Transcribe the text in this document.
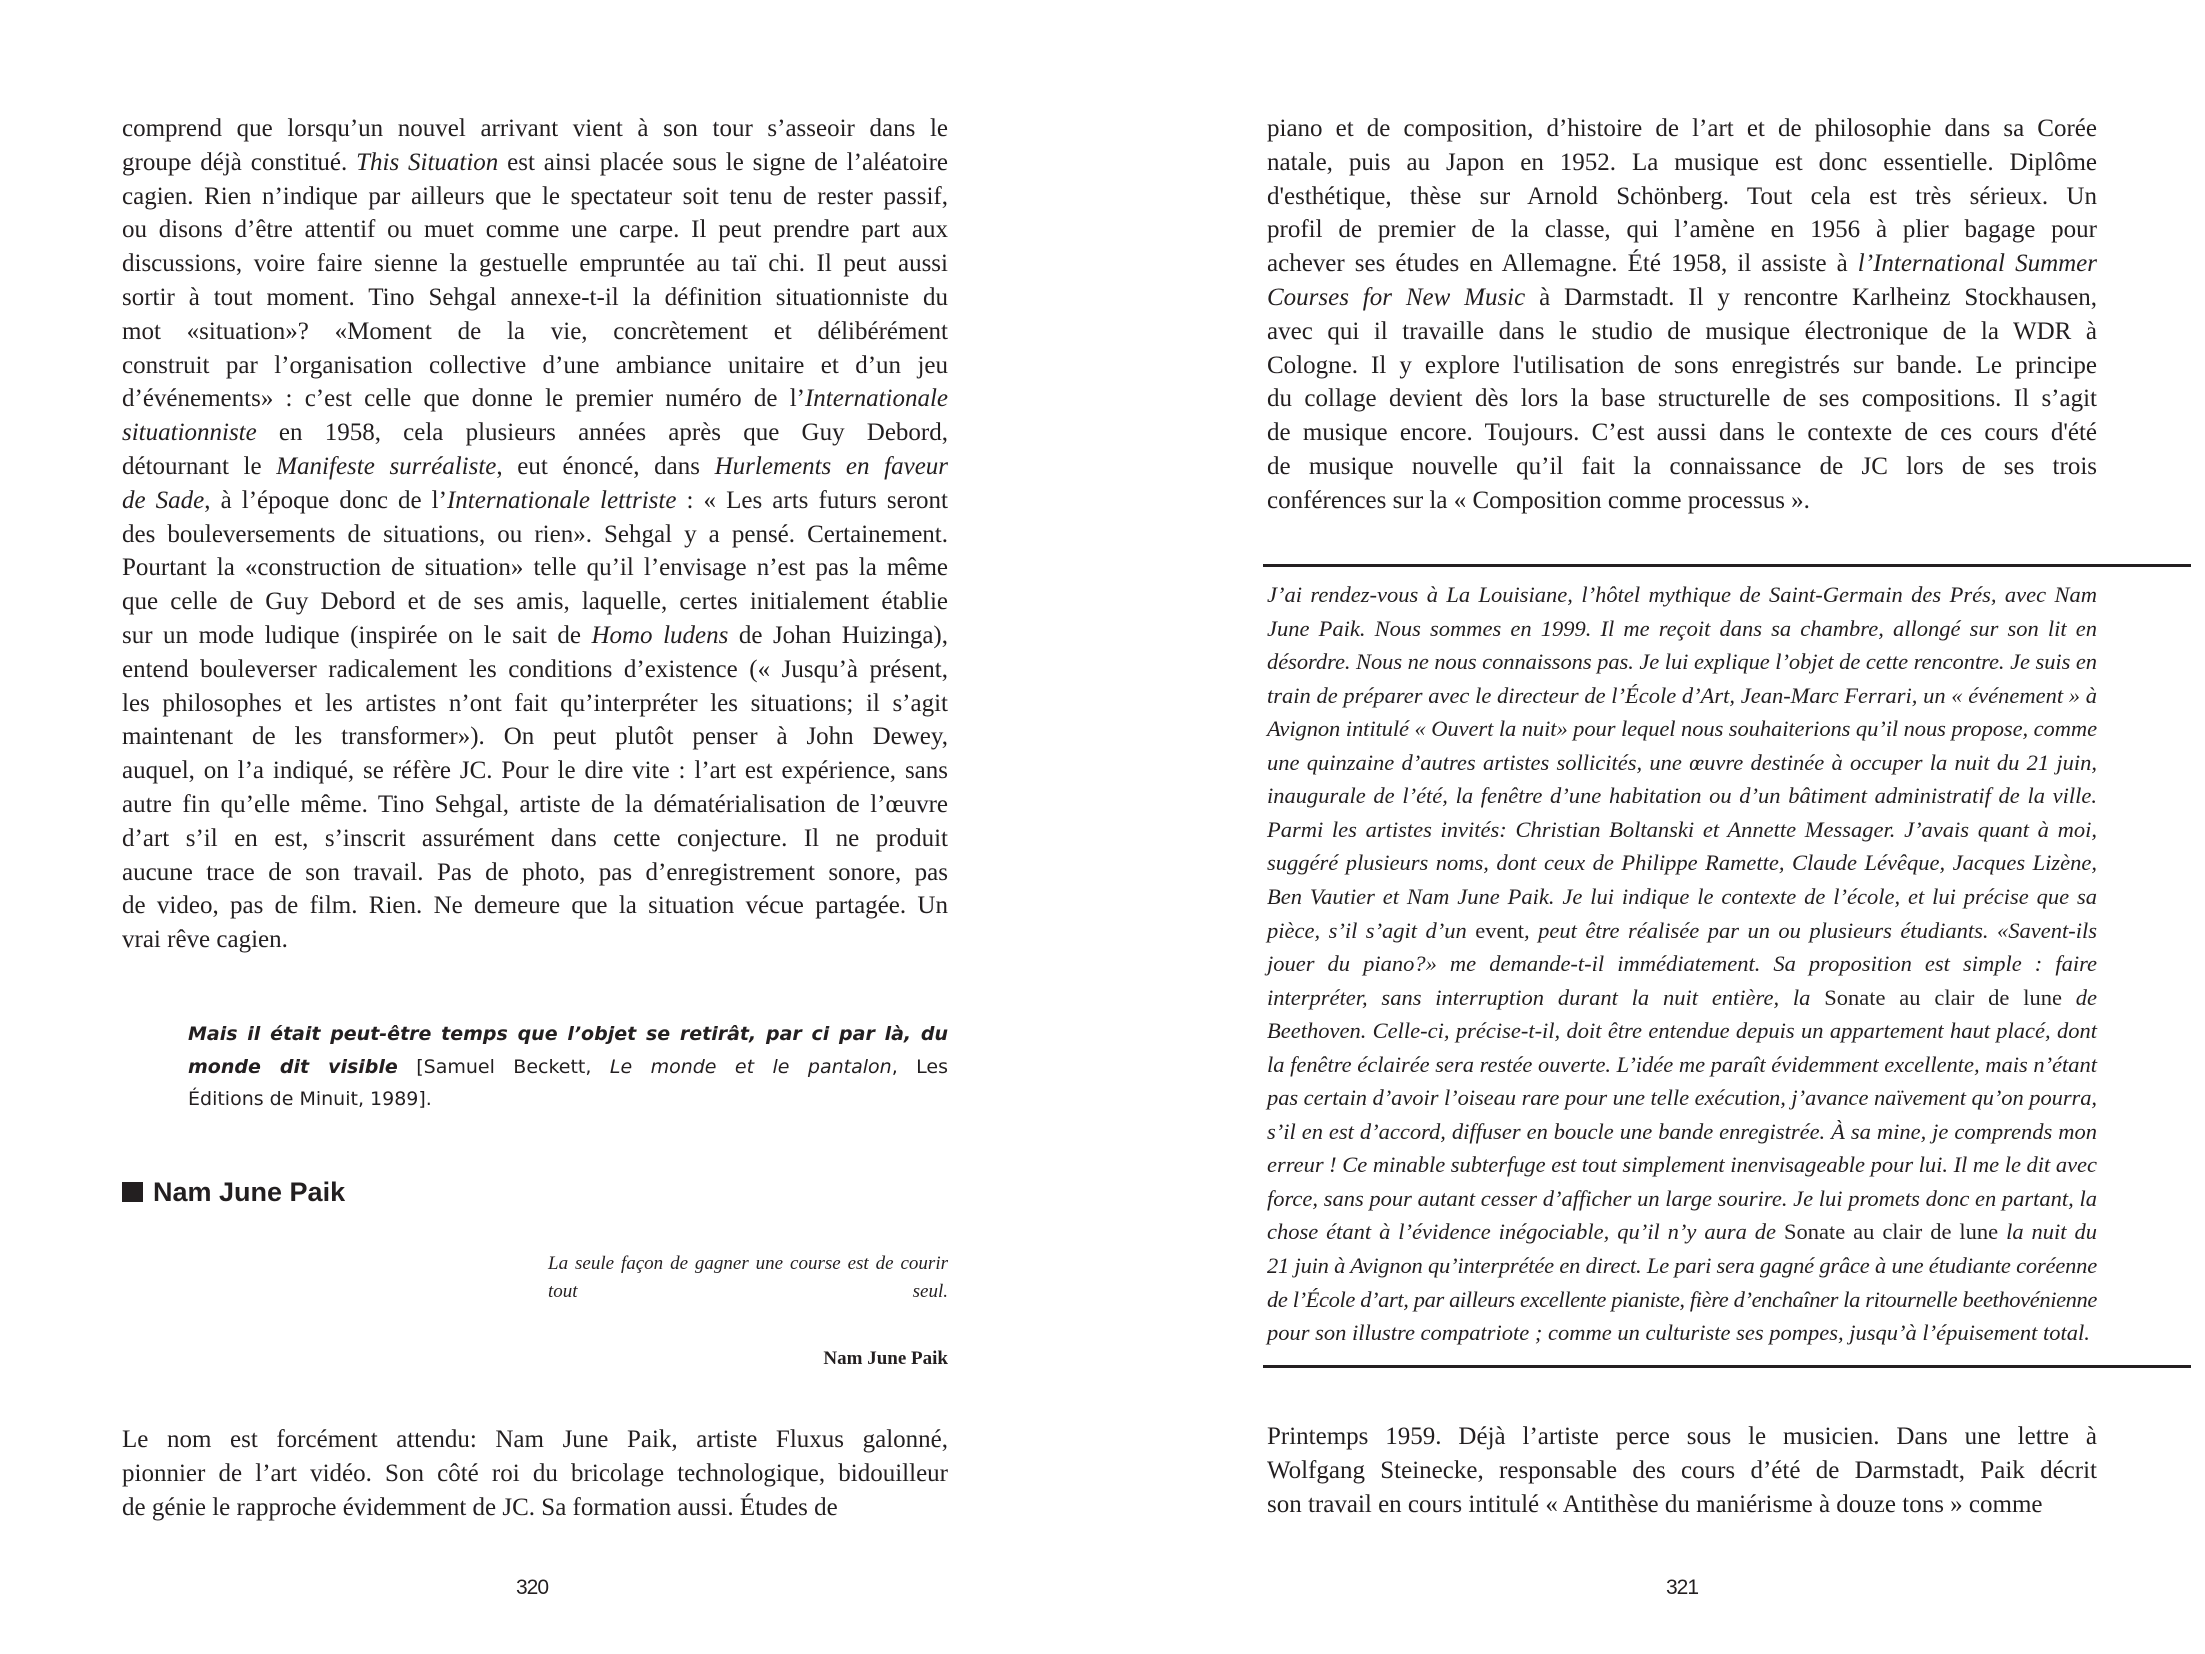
comprend que lorsqu’un nouvel arrivant vient à son tour s’asseoir dans le
groupe déjà constitué. This Situation est ainsi placée sous le signe de l’aléatoire
cagien. Rien n’indique par ailleurs que le spectateur soit tenu de rester passif,
ou disons d’être attentif ou muet comme une carpe. Il peut prendre part aux
discussions, voire faire sienne la gestuelle empruntée au taï chi. Il peut aussi
sortir à tout moment. Tino Sehgal annexe-t-il la définition situationniste du
mot «situation»? «Moment de la vie, concrètement et délibérément
construit par l’organisation collective d’une ambiance unitaire et d’un jeu
d’événements» : c’est celle que donne le premier numéro de l’Internationale
situationniste en 1958, cela plusieurs années après que Guy Debord,
détournant le Manifeste surréaliste, eut énoncé, dans Hurlements en faveur
de Sade, à l’époque donc de l’Internationale lettriste : « Les arts futurs seront
des bouleversements de situations, ou rien». Sehgal y a pensé. Certainement.
Pourtant la «construction de situation» telle qu’il l’envisage n’est pas la même
que celle de Guy Debord et de ses amis, laquelle, certes initialement établie
sur un mode ludique (inspirée on le sait de Homo ludens de Johan Huizinga),
entend bouleverser radicalement les conditions d’existence (« Jusqu’à présent,
les philosophes et les artistes n’ont fait qu’interpréter les situations; il s’agit
maintenant de les transformer»). On peut plutôt penser à John Dewey,
auquel, on l’a indiqué, se réfère JC. Pour le dire vite : l’art est expérience, sans
autre fin qu’elle même. Tino Sehgal, artiste de la dématérialisation de l’œuvre
d’art s’il en est, s’inscrit assurément dans cette conjecture. Il ne produit
aucune trace de son travail. Pas de photo, pas d’enregistrement sonore, pas
de video, pas de film. Rien. Ne demeure que la situation vécue partagée. Un
vrai rêve cagien.
Mais il était peut-être temps que l’objet se retirât, par ci par là, du
monde dit visible [Samuel Beckett, Le monde et le pantalon, Les
Éditions de Minuit, 1989].
Nam June Paik
La seule façon de gagner une course est de courir
tout seul.
Nam June Paik
Le nom est forcément attendu: Nam June Paik, artiste Fluxus galonné,
pionnier de l’art vidéo. Son côté roi du bricolage technologique, bidouilleur
de génie le rapproche évidemment de JC. Sa formation aussi. Études de
320
piano et de composition, d’histoire de l’art et de philosophie dans sa Corée
natale, puis au Japon en 1952. La musique est donc essentielle. Diplôme
d'esthétique, thèse sur Arnold Schönberg. Tout cela est très sérieux. Un
profil de premier de la classe, qui l’amène en 1956 à plier bagage pour
achever ses études en Allemagne. Été 1958, il assiste à l’International Summer
Courses for New Music à Darmstadt. Il y rencontre Karlheinz Stockhausen,
avec qui il travaille dans le studio de musique électronique de la WDR à
Cologne. Il y explore l'utilisation de sons enregistrés sur bande. Le principe
du collage devient dès lors la base structurelle de ses compositions. Il s’agit
de musique encore. Toujours. C’est aussi dans le contexte de ces cours d'été
de musique nouvelle qu’il fait la connaissance de JC lors de ses trois
conférences sur la « Composition comme processus ».
J’ai rendez-vous à La Louisiane, l’hôtel mythique de Saint-Germain des Prés, avec Nam
June Paik. Nous sommes en 1999. Il me reçoit dans sa chambre, allongé sur son lit en
désordre. Nous ne nous connaissons pas. Je lui explique l’objet de cette rencontre. Je suis en
train de préparer avec le directeur de l’École d’Art, Jean-Marc Ferrari, un « événement » à
Avignon intitulé « Ouvert la nuit» pour lequel nous souhaiterions qu’il nous propose, comme
une quinzaine d’autres artistes sollicités, une œuvre destinée à occuper la nuit du 21 juin,
inaugurale de l’été, la fenêtre d’une habitation ou d’un bâtiment administratif de la ville.
Parmi les artistes invités: Christian Boltanski et Annette Messager. J’avais quant à moi,
suggéré plusieurs noms, dont ceux de Philippe Ramette, Claude Lévêque, Jacques Lizène,
Ben Vautier et Nam June Paik. Je lui indique le contexte de l’école, et lui précise que sa
pièce, s’il s’agit d’un event, peut être réalisée par un ou plusieurs étudiants. «Savent-ils
jouer du piano?» me demande-t-il immédiatement. Sa proposition est simple : faire
interpréter, sans interruption durant la nuit entière, la Sonate au clair de lune de
Beethoven. Celle-ci, précise-t-il, doit être entendue depuis un appartement haut placé, dont
la fenêtre éclairée sera restée ouverte. L’idée me paraît évidemment excellente, mais n’étant
pas certain d’avoir l’oiseau rare pour une telle exécution, j’avance naïvement qu’on pourra,
s’il en est d’accord, diffuser en boucle une bande enregistrée. À sa mine, je comprends mon
erreur ! Ce minable subterfuge est tout simplement inenvisageable pour lui. Il me le dit avec
force, sans pour autant cesser d’afficher un large sourire. Je lui promets donc en partant, la
chose étant à l’évidence inégociable, qu’il n’y aura de Sonate au clair de lune la nuit du
21 juin à Avignon qu’interprétée en direct. Le pari sera gagné grâce à une étudiante coréenne
de l’École d’art, par ailleurs excellente pianiste, fière d’enchaîner la ritournelle beethovénienne
pour son illustre compatriote ; comme un culturiste ses pompes, jusqu’à l’épuisement total.
Printemps 1959. Déjà l’artiste perce sous le musicien. Dans une lettre à
Wolfgang Steinecke, responsable des cours d’été de Darmstadt, Paik décrit
son travail en cours intitulé « Antithèse du maniérisme à douze tons » comme
321
